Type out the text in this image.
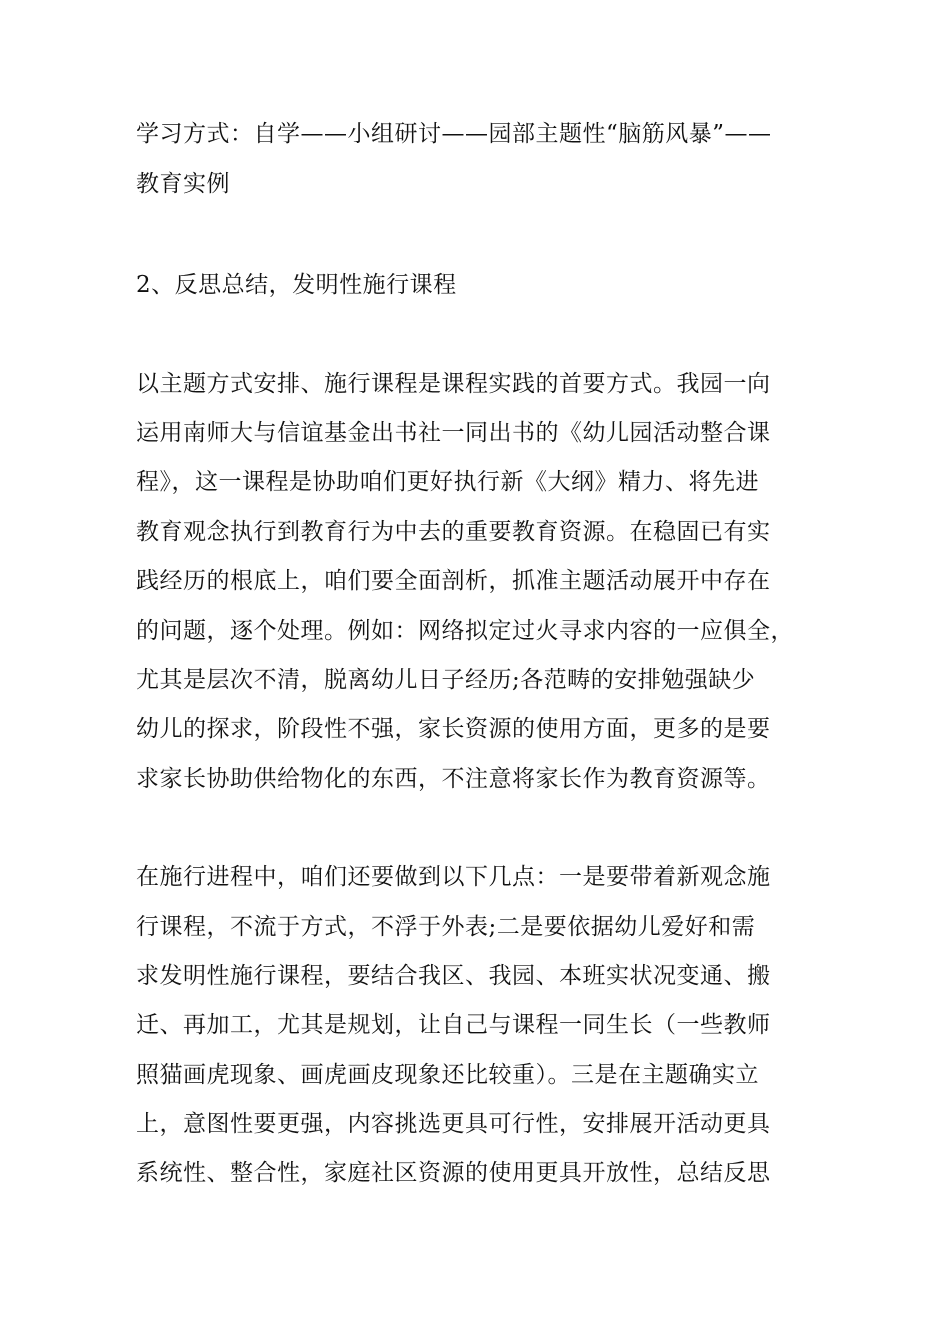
学习方式：自学——小组研讨——园部主题性“脑筋风暴”——
教育实例
2、反思总结，发明性施行课程
以主题方式安排、施行课程是课程实践的首要方式。我园一向
运用南师大与信谊基金出书社一同出书的《幼儿园活动整合课
程》，这一课程是协助咱们更好执行新《大纲》精力、将先进
教育观念执行到教育行为中去的重要教育资源。在稳固已有实
践经历的根底上，咱们要全面剖析，抓准主题活动展开中存在
的问题，逐个处理。例如：网络拟定过火寻求内容的一应俱全，
尤其是层次不清，脱离幼儿日子经历;各范畴的安排勉强缺少
幼儿的探求，阶段性不强，家长资源的使用方面，更多的是要
求家长协助供给物化的东西，不注意将家长作为教育资源等。
在施行进程中，咱们还要做到以下几点：一是要带着新观念施
行课程，不流于方式，不浮于外表;二是要依据幼儿爱好和需
求发明性施行课程，要结合我区、我园、本班实状况变通、搬
迁、再加工，尤其是规划，让自己与课程一同生长（一些教师
照猫画虎现象、画虎画皮现象还比较重）。三是在主题确实立
上，意图性要更强，内容挑选更具可行性，安排展开活动更具
系统性、整合性，家庭社区资源的使用更具开放性，总结反思
